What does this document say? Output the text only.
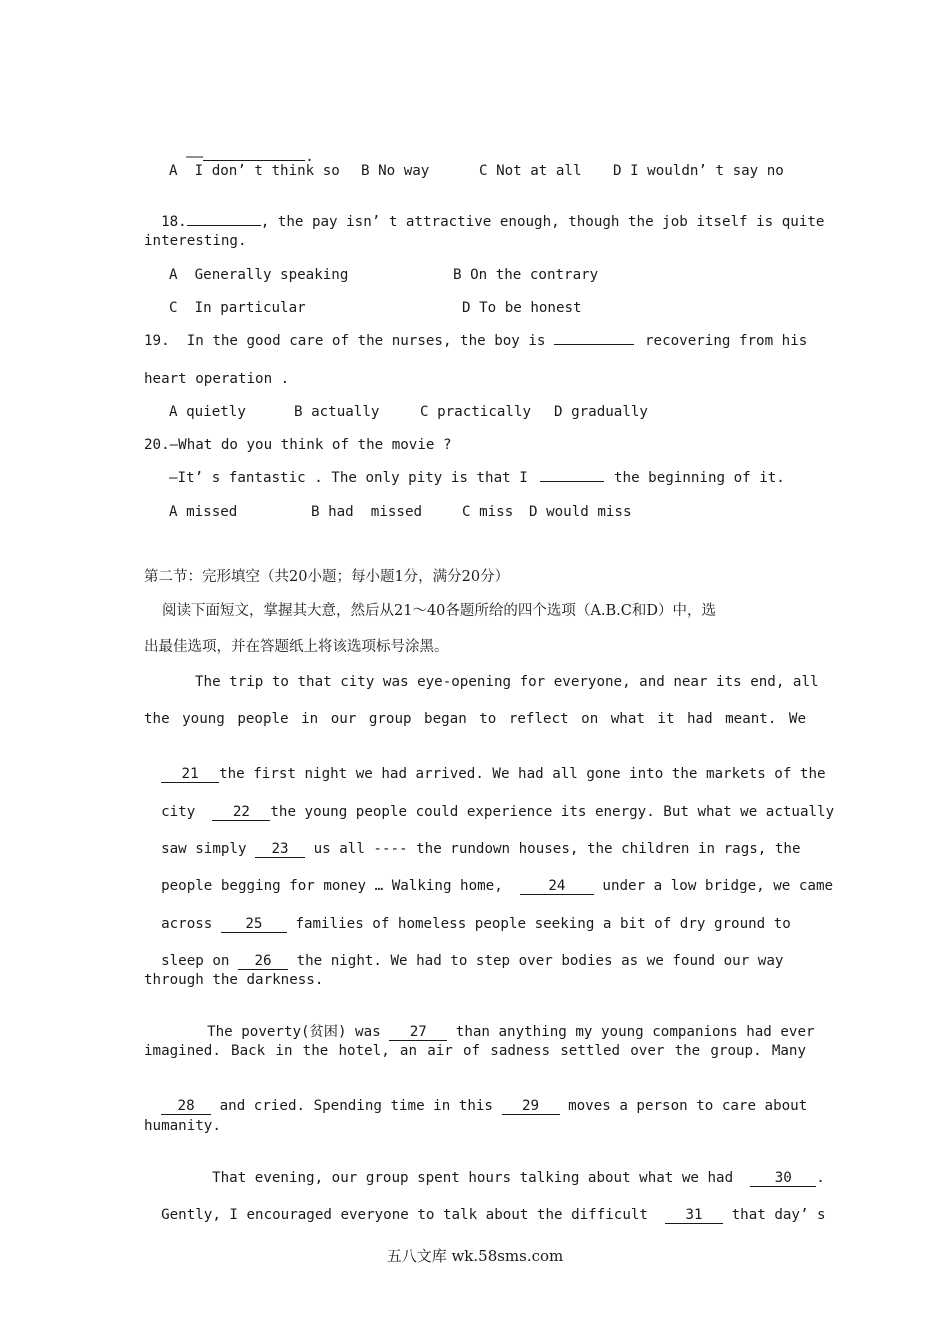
——	.

A  I don’ t think so B No way	C Not at all D I wouldn’ t say no

18.	, the pay isn’ t attractive enough, though the job itself is quite

interesting.
A  Generally speaking	B On the contrary
C  In particular	D To be honest
19.  In the good care of the nurses, the boy is	recovering from his
heart operation .
A quietly	B actually	C practically D gradually
20.—What do you think of the movie ?
—It’ s fantastic . The only pity is that I	the beginning of it.
A missed	B had  missed	C miss D would miss
第二节：完形填空（共20小题；每小题1分，满分20分）
阅读下面短文，掌握其大意，然后从21～40各题所给的四个选项（A.B.C和D）中，选
出最佳选项，并在答题纸上将该选项标号涂黑。
The trip to that city was eye-opening for everyone, and near its end, all
the young people in our group began to reflect on what it had meant. We

21 the first night we had arrived. We had all gone into the markets of the

city	22 the young people could experience its energy. But what we actually

saw simply 23 us all ---- the rundown houses, the children in rags, the

people begging for money … Walking home,	24	under a low bridge, we came

across 25 families of homeless people seeking a bit of dry ground to

sleep on 26 the night. We had to step over bodies as we found our way

through the darkness.

The poverty(贫困) was 27 than anything my young companions had ever

imagined. Back in the hotel, an air of sadness settled over the group. Many

28 and cried. Spending time in this 29 moves a person to care about

humanity.

That evening, our group spent hours talking about what we had	30 .

Gently, I encouraged everyone to talk about the difficult	31 that day’ s

五八文库 wk.58sms.com
